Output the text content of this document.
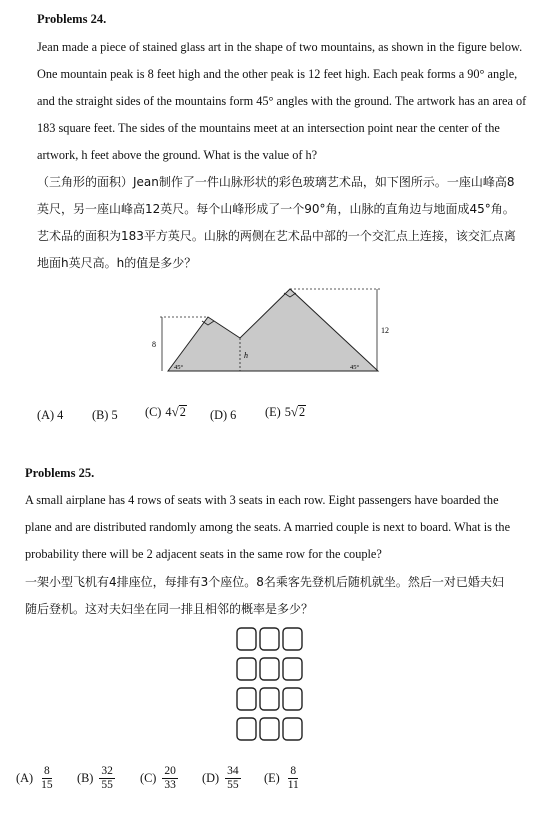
Problems 24.
Jean made a piece of stained glass art in the shape of two mountains, as shown in the figure below.
One mountain peak is 8 feet high and the other peak is 12 feet high. Each peak forms a 90° angle,
and the straight sides of the mountains form 45° angles with the ground. The artwork has an area of
183 square feet. The sides of the mountains meet at an intersection point near the center of the
artwork, h feet above the ground. What is the value of h?
（三角形的面积）Jean制作了一件山脉形状的彩色玻璃艺术品，如下图所示。一座山峰高8
英尺，另一座山峰高12英尺。每个山峰形成了一个90°角，山脉的直角边与地面成45°角。
艺术品的面积为183平方英尺。山脉的两侧在艺术品中部的一个交汇点上连接，该交汇点离
地面h英尺高。h的值是多少？
8
12
h
45°	45°
(A)
4 (B)
5 (C) 4 √ 2 (D)
6 (E) 5 √ 2
Problems 25.
A small airplane has 4 rows of seats with 3 seats in each row. Eight passengers have boarded the
plane and are distributed randomly among the seats. A married couple is next to board. What is the
probability there will be 2 adjacent seats in the same row for the couple?
一架小型飞机有4排座位，每排有3个座位。8名乘客先登机后随机就坐。然后一对已婚夫妇
随后登机。这对夫妇坐在同一排且相邻的概率是多少？
$(A) \frac{8}{15} (B) \frac{32}{55} (C) \frac{20}{33} (D) \frac{34}{55} (E) \frac{8}{11}$
